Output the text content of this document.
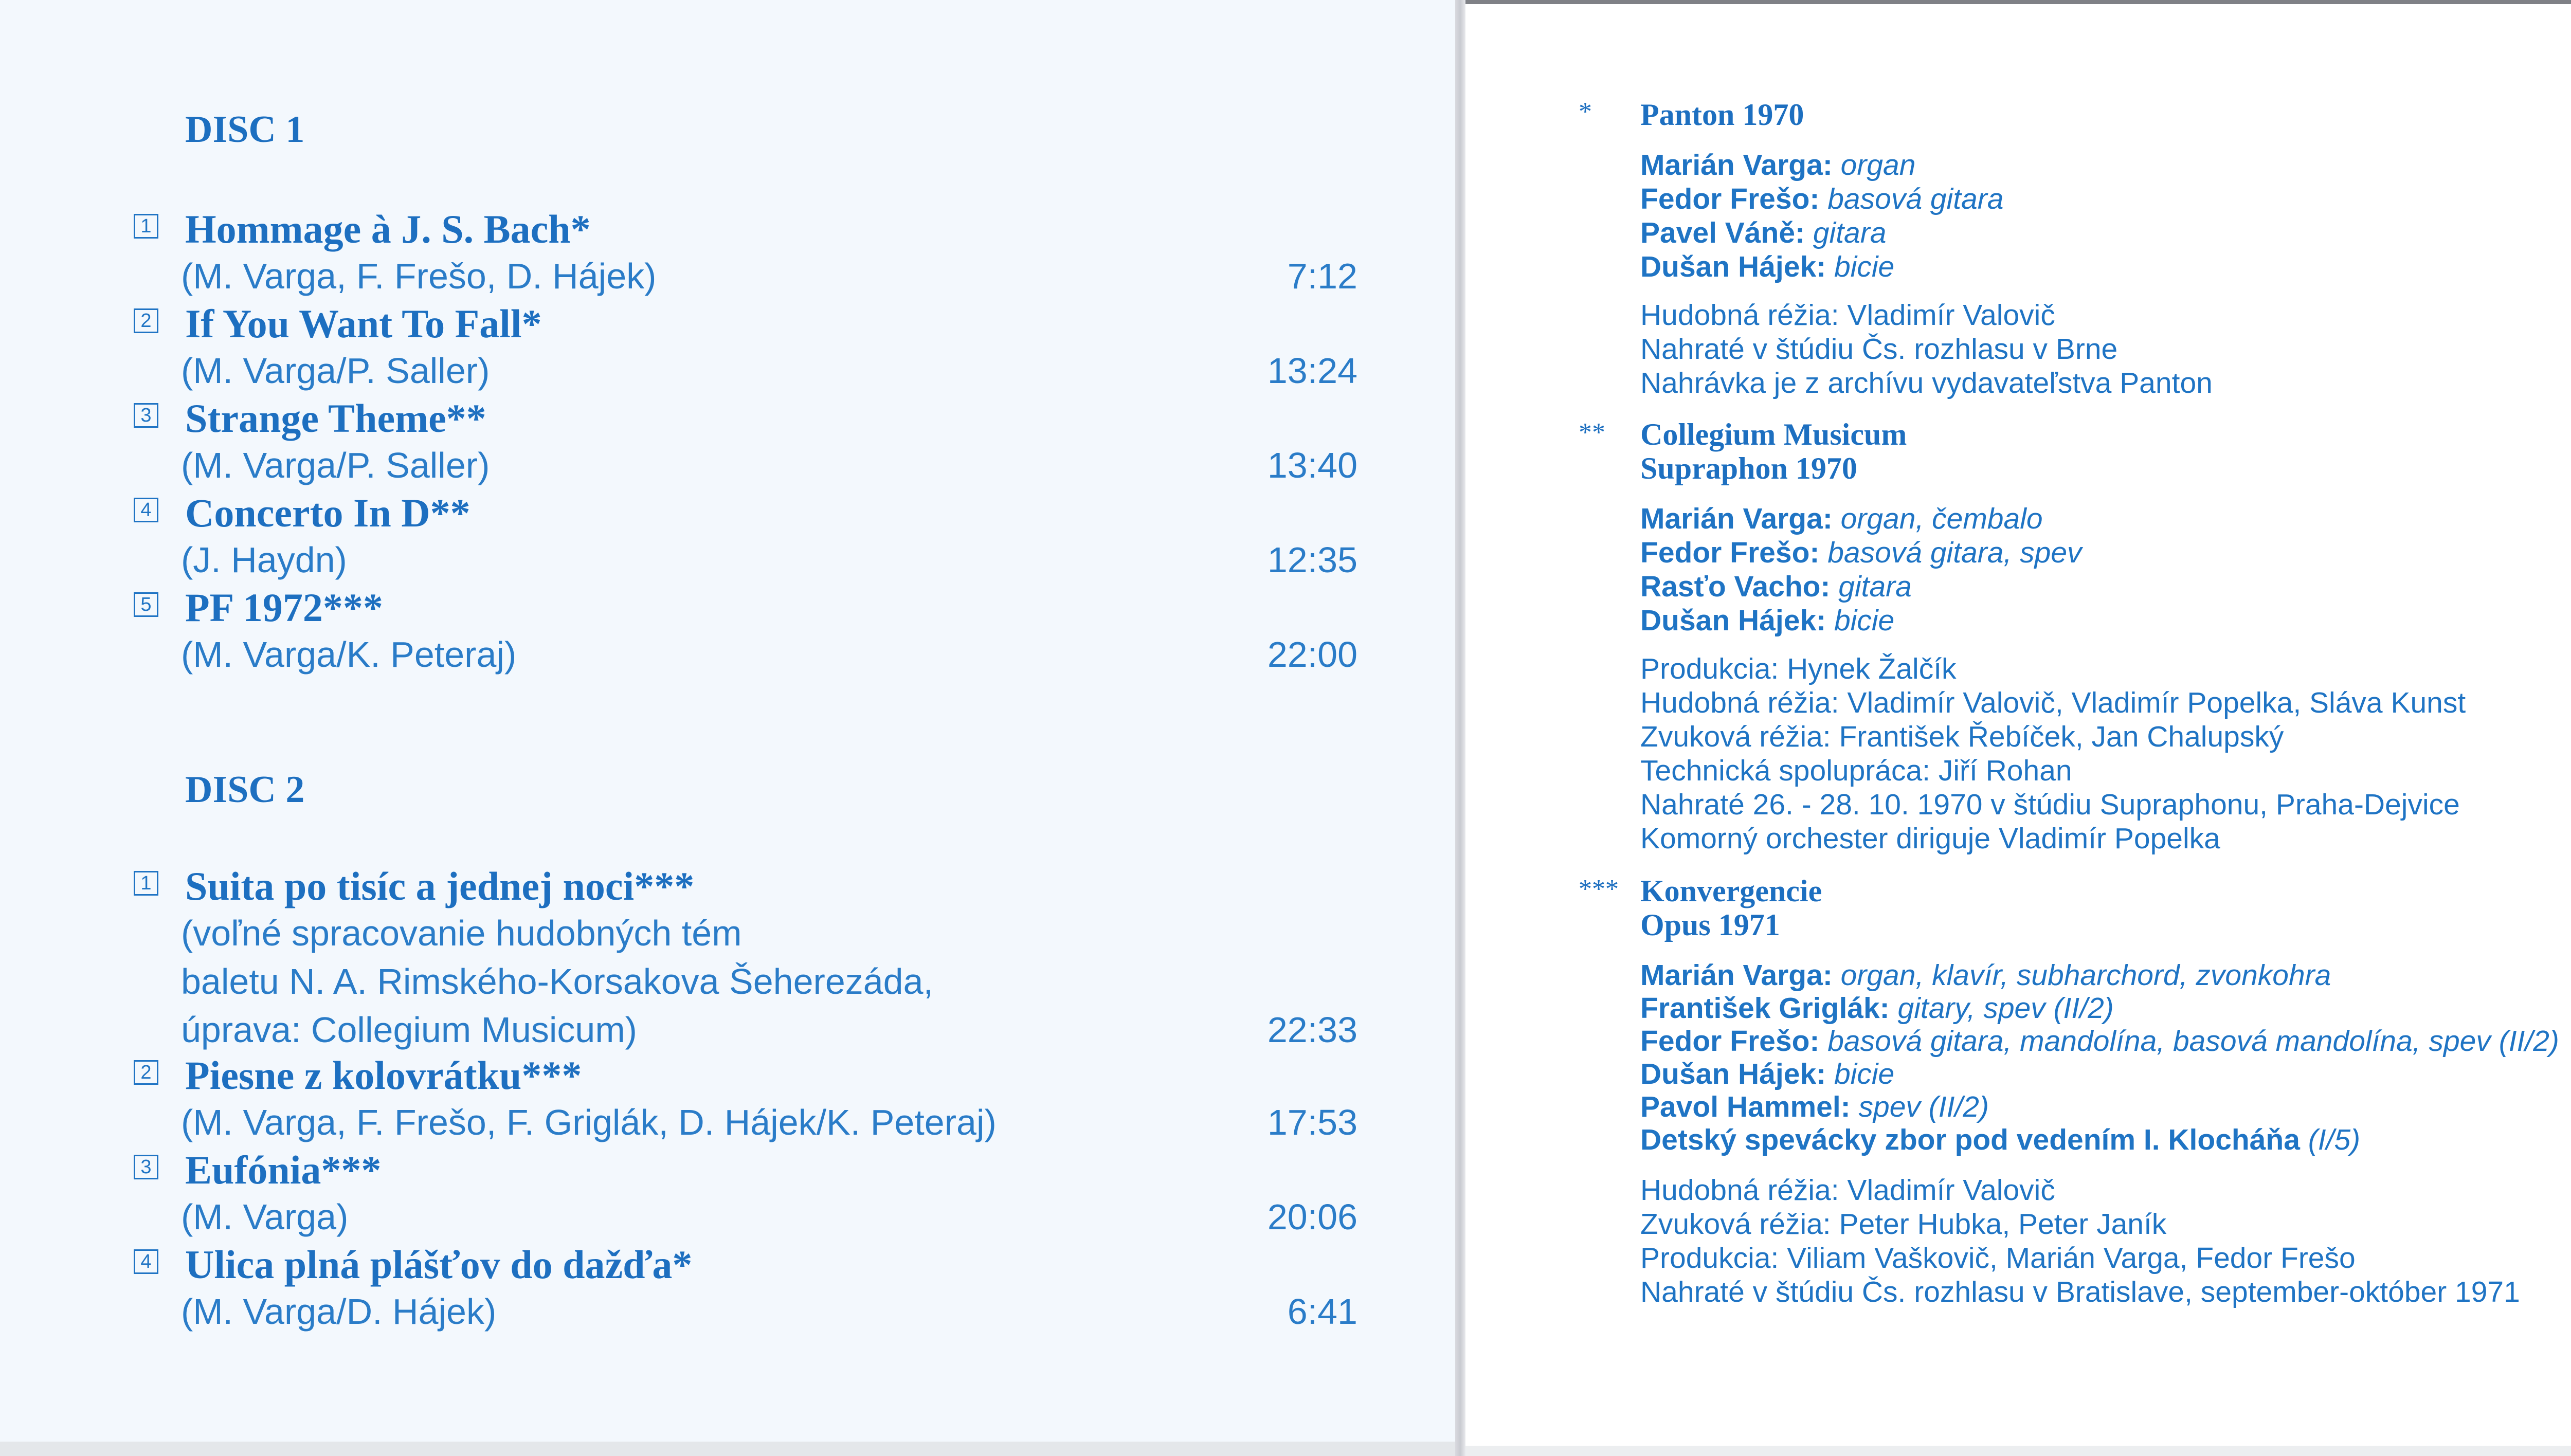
DISC 1
1 Hommage à J. S. Bach*
(M. Varga, F. Frešo, D. Hájek)	7:12
2 If You Want To Fall*
(M. Varga/P. Saller)	13:24
3 Strange Theme**
(M. Varga/P. Saller)	13:40
4 Concerto In D**
(J. Haydn)	12:35
5 PF 1972***
(M. Varga/K. Peteraj)	22:00
DISC 2
1 Suita po tisíc a jednej noci***
(voľné spracovanie hudobných tém
baletu N. A. Rimského-Korsakova Šeherezáda,
úprava: Collegium Musicum)	22:33
2 Piesne z kolovrátku***
(M. Varga, F. Frešo, F. Griglák, D. Hájek/K. Peteraj)	17:53
3 Eufónia***
(M. Varga)	20:06
4 Ulica plná plášťov do dažďa*
(M. Varga/D. Hájek)	6:41
* Panton 1970
Marián Varga: organ
Fedor Frešo: basová gitara
Pavel Váně: gitara
Dušan Hájek: bicie
Hudobná réžia: Vladimír Valovič
Nahraté v štúdiu Čs. rozhlasu v Brne
Nahrávka je z archívu vydavateľstva Panton
** Collegium Musicum
Supraphon 1970
Marián Varga: organ, čembalo
Fedor Frešo: basová gitara, spev
Rasťo Vacho: gitara
Dušan Hájek: bicie
Produkcia: Hynek Žalčík
Hudobná réžia: Vladimír Valovič, Vladimír Popelka, Sláva Kunst
Zvuková réžia: František Řebíček, Jan Chalupský
Technická spolupráca: Jiří Rohan
Nahraté 26. - 28. 10. 1970 v štúdiu Supraphonu, Praha-Dejvice
Komorný orchester diriguje Vladimír Popelka
*** Konvergencie
Opus 1971
Marián Varga: organ, klavír, subharchord, zvonkohra
František Griglák: gitary, spev (II/2)
Fedor Frešo: basová gitara, mandolína, basová mandolína, spev (II/2)
Dušan Hájek: bicie
Pavol Hammel: spev (II/2)
Detský spevácky zbor pod vedením I. Klocháňa (I/5)
Hudobná réžia: Vladimír Valovič
Zvuková réžia: Peter Hubka, Peter Janík
Produkcia: Viliam Vaškovič, Marián Varga, Fedor Frešo
Nahraté v štúdiu Čs. rozhlasu v Bratislave, september-október 1971
